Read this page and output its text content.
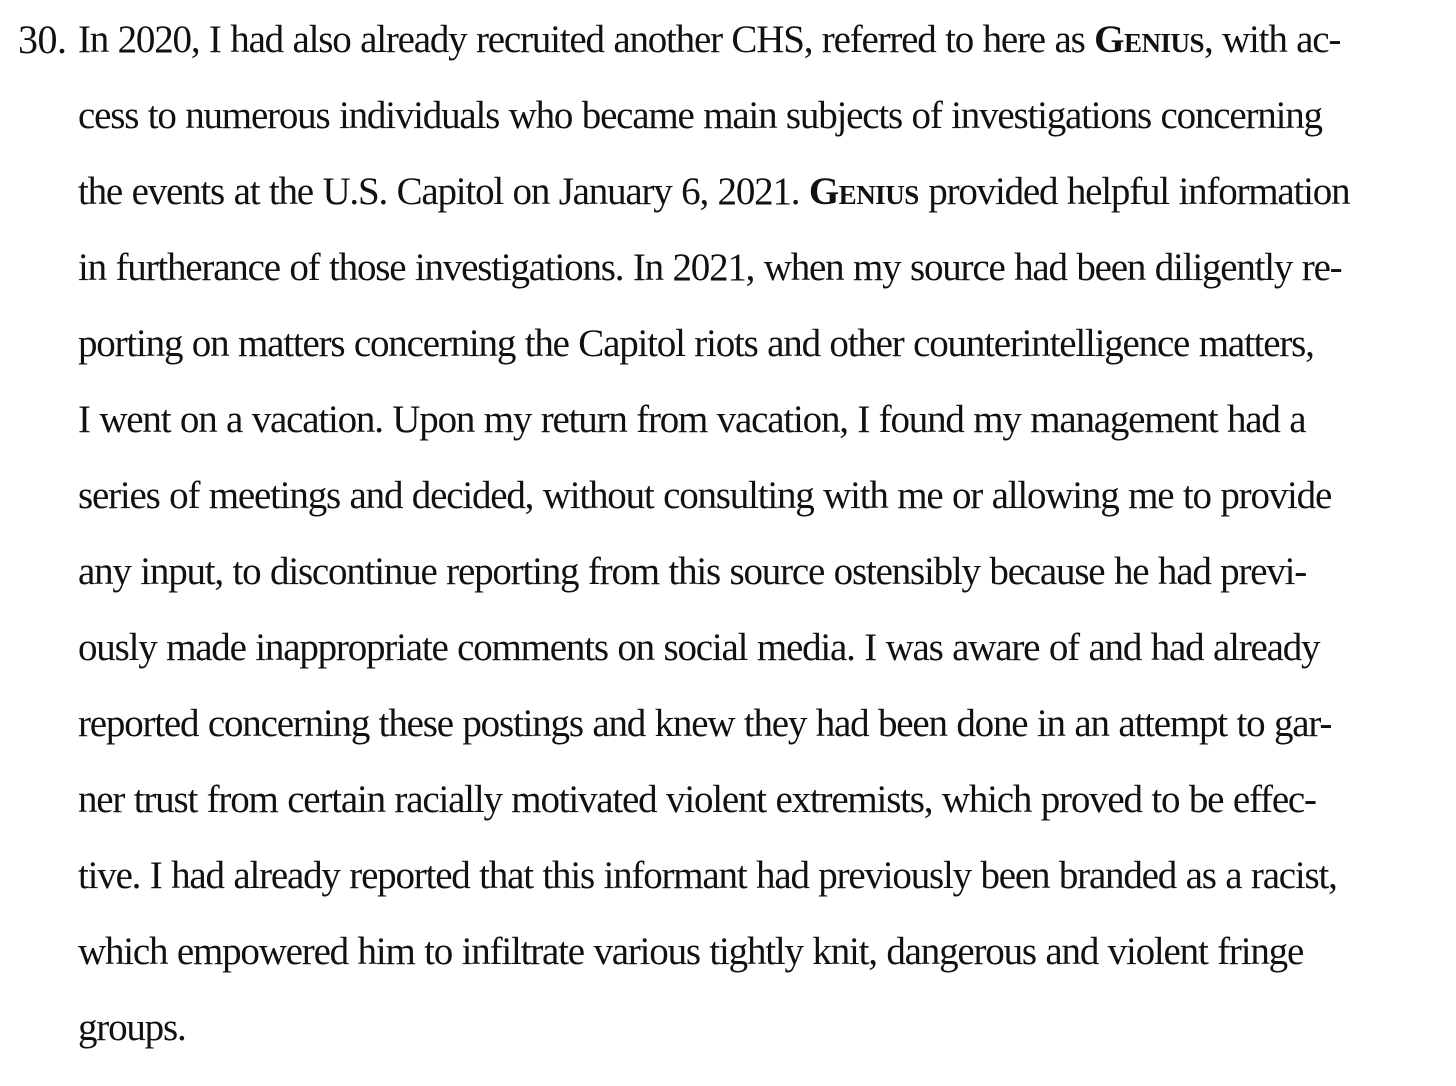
30. In 2020, I had also already recruited another CHS, referred to here as Genius, with ac-
cess to numerous individuals who became main subjects of investigations concerning
the events at the U.S. Capitol on January 6, 2021. Genius provided helpful information
in furtherance of those investigations. In 2021, when my source had been diligently re-
porting on matters concerning the Capitol riots and other counterintelligence matters,
I went on a vacation. Upon my return from vacation, I found my management had a
series of meetings and decided, without consulting with me or allowing me to provide
any input, to discontinue reporting from this source ostensibly because he had previ-
ously made inappropriate comments on social media. I was aware of and had already
reported concerning these postings and knew they had been done in an attempt to gar-
ner trust from certain racially motivated violent extremists, which proved to be effec-
tive. I had already reported that this informant had previously been branded as a racist,
which empowered him to infiltrate various tightly knit, dangerous and violent fringe
groups.
